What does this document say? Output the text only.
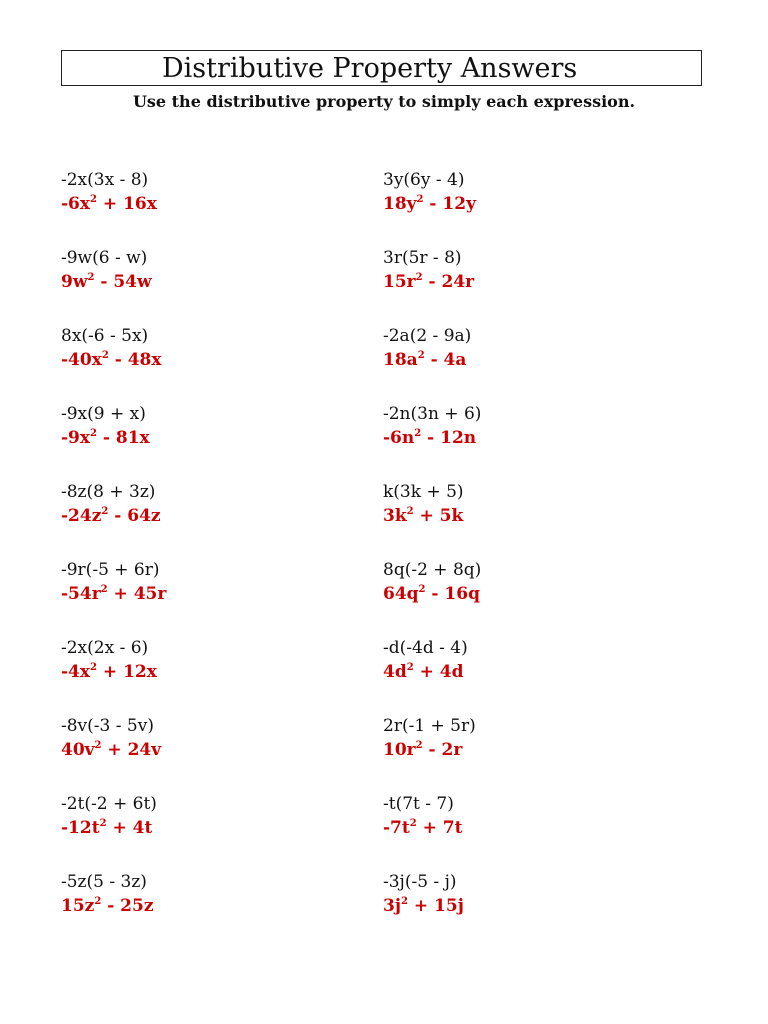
Distributive Property Answers
Use the distributive property to simply each expression.
-2x(3x - 8)
$-6x^2 + 16x$
-9w(6 - w)
$9w^2 - 54w$
8x(-6 - 5x)
$-40x^2 - 48x$
-9x(9 + x)
$-9x^2 - 81x$
-8z(8 + 3z)
$-24z^2 - 64z$
-9r(-5 + 6r)
$-54r^2 + 45r$
-2x(2x - 6)
$-4x^2 + 12x$
-8v(-3 - 5v)
$40v^2 + 24v$
-2t(-2 + 6t)
$-12t^2 + 4t$
-5z(5 - 3z)
$15z^2 - 25z$
3y(6y - 4)
$18y^2 - 12y$
3r(5r - 8)
$15r^2 - 24r$
-2a(2 - 9a)
$18a^2 - 4a$
-2n(3n + 6)
$-6n^2 - 12n$
k(3k + 5)
$3k^2 + 5k$
8q(-2 + 8q)
$64q^2 - 16q$
-d(-4d - 4)
$4d^2 + 4d$
2r(-1 + 5r)
$10r^2 - 2r$
-t(7t - 7)
$-7t^2 + 7t$
-3j(-5 - j)
$3j^2 + 15j$
